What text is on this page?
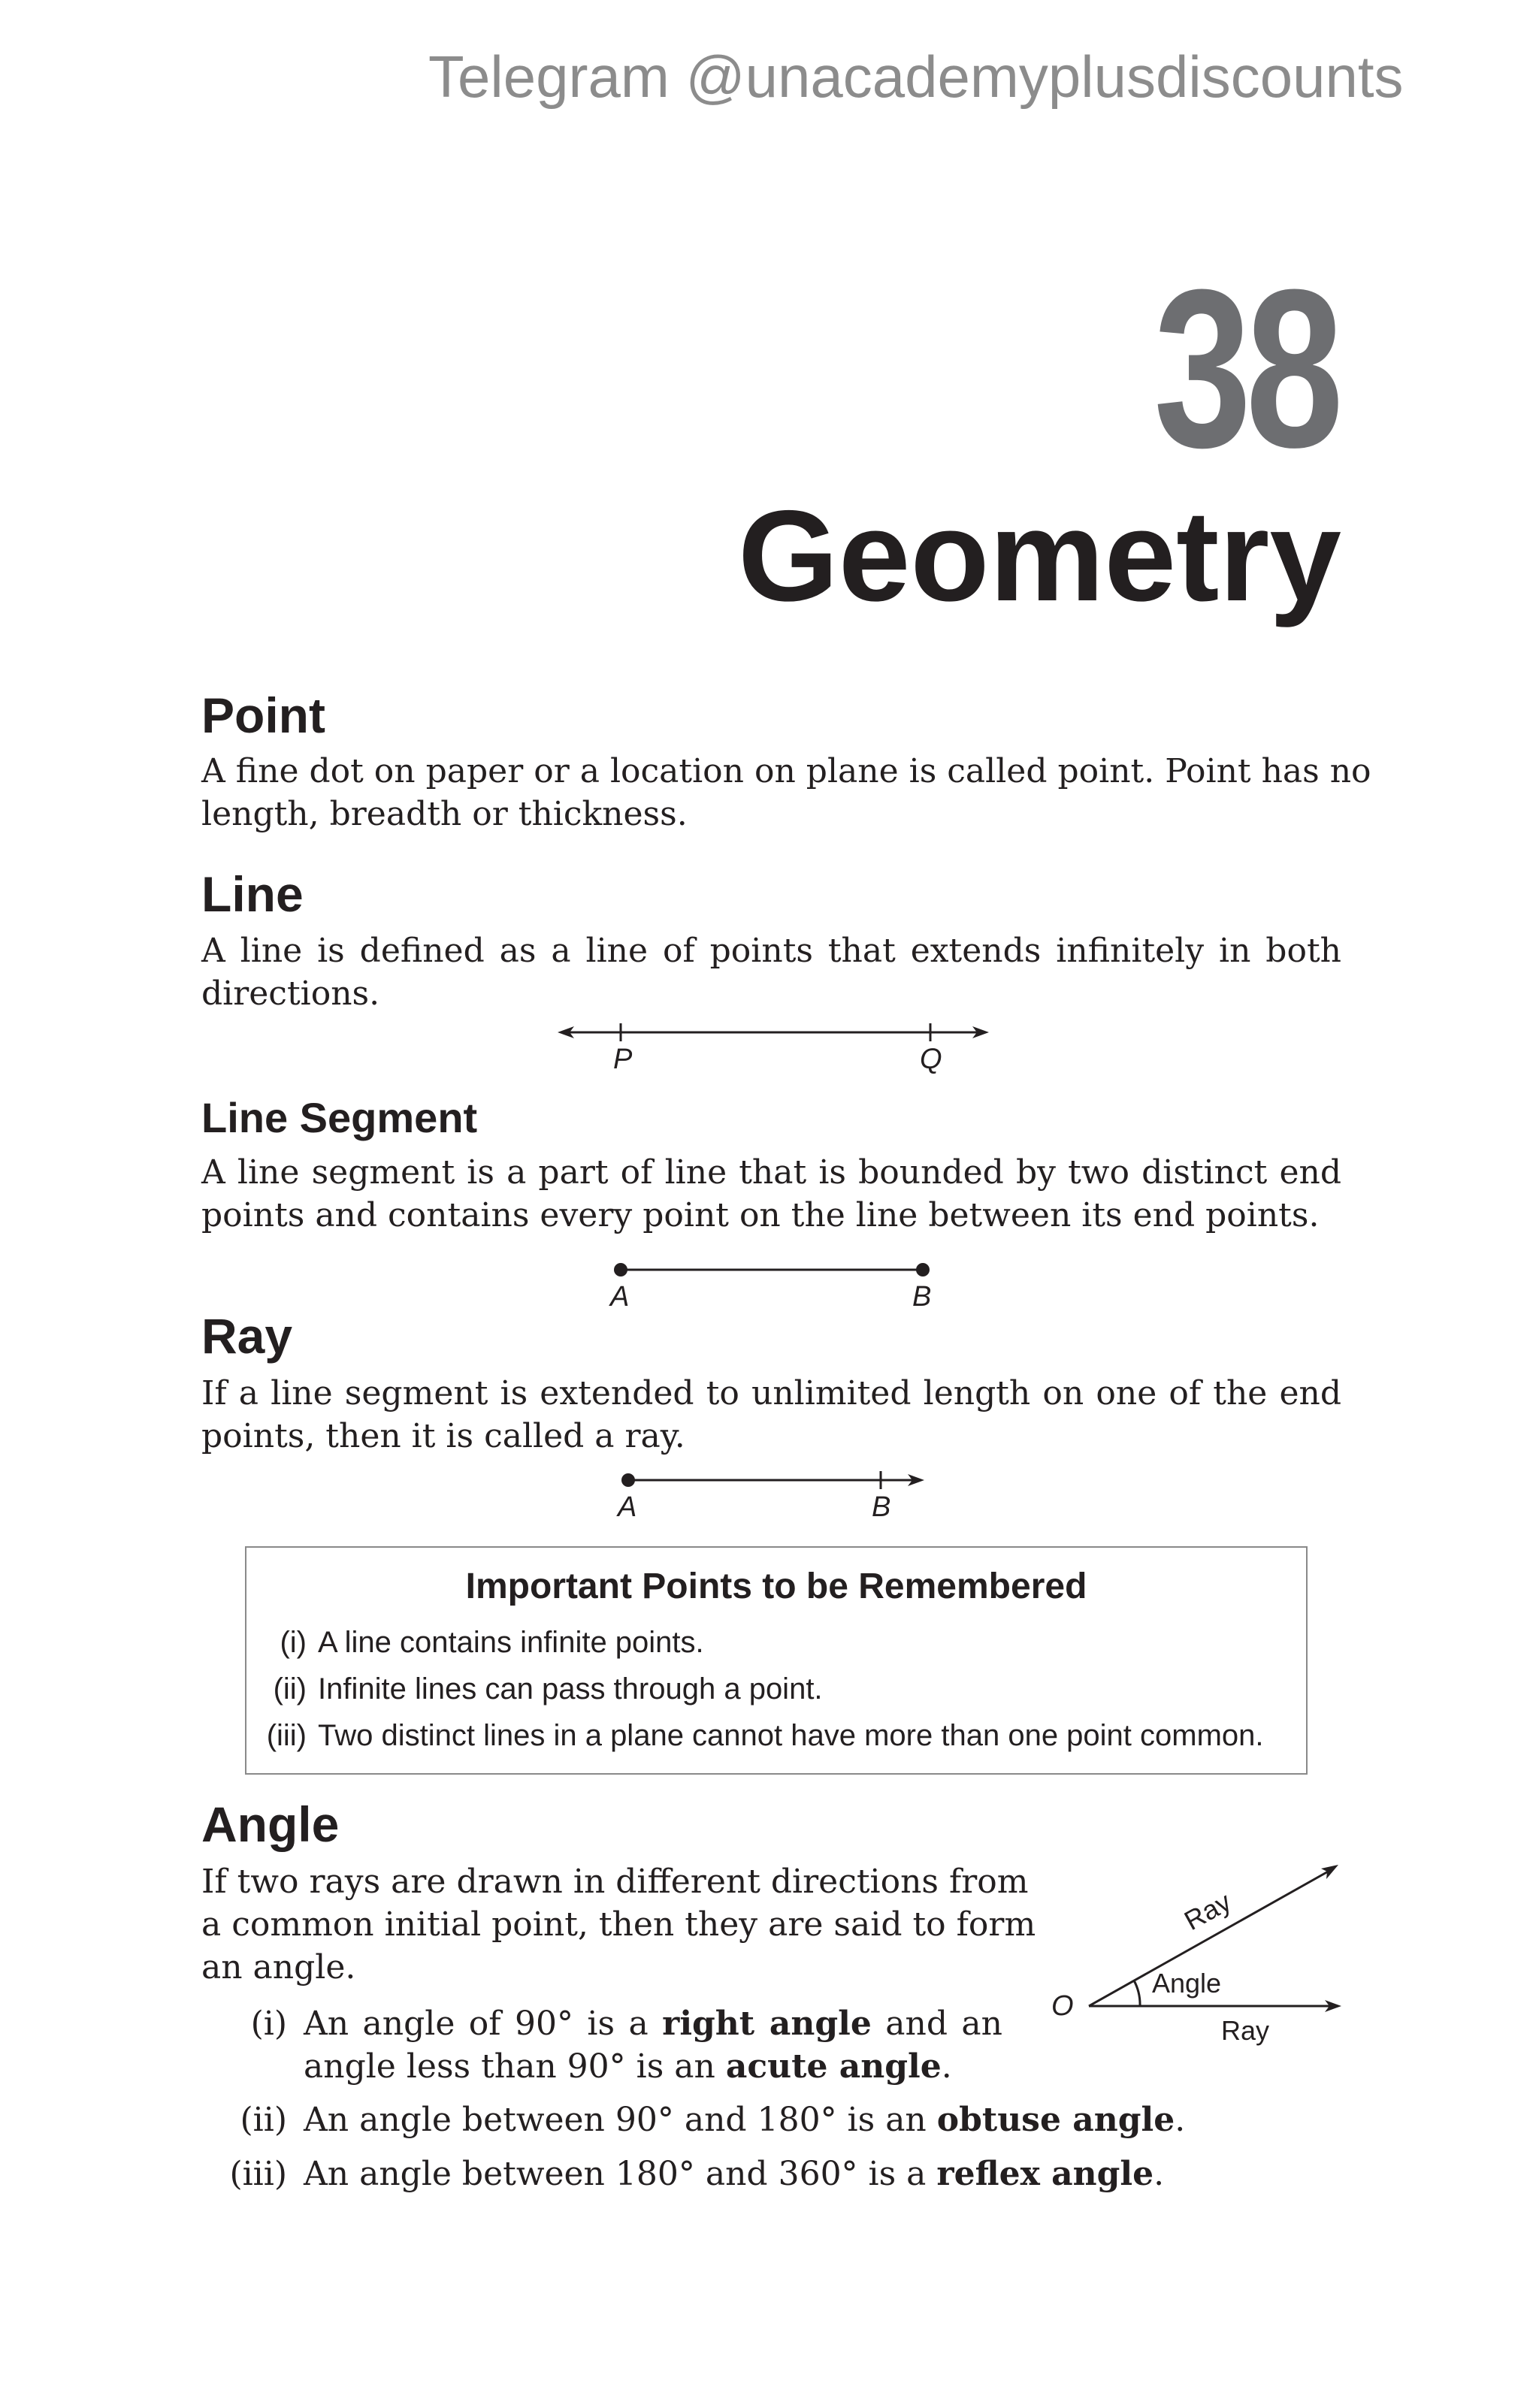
Telegram @unacademyplusdiscounts
38
Geometry
Point
A fine dot on paper or a location on plane is called point. Point has no
length, breadth or thickness.
Line
A line is defined as a line of points that extends infinitely in both
directions.
P	Q
Line Segment
A line segment is a part of line that is bounded by two distinct end
points and contains every point on the line between its end points.
A	B
Ray
If a line segment is extended to unlimited length on one of the end
points, then it is called a ray.
A	B
Important Points to be Remembered
(i) A line contains infinite points.
(ii) Infinite lines can pass through a point.
(iii) Two distinct lines in a plane cannot have more than one point common.
Angle
If two rays are drawn in different directions from
a common initial point, then they are said to form
an angle.
O
Angle
Ray
Ray
(i) An angle of 90° is a right angle and an
angle less than 90° is an acute angle.
(ii) An angle between 90° and 180° is an obtuse angle.
(iii) An angle between 180° and 360° is a reflex angle.
